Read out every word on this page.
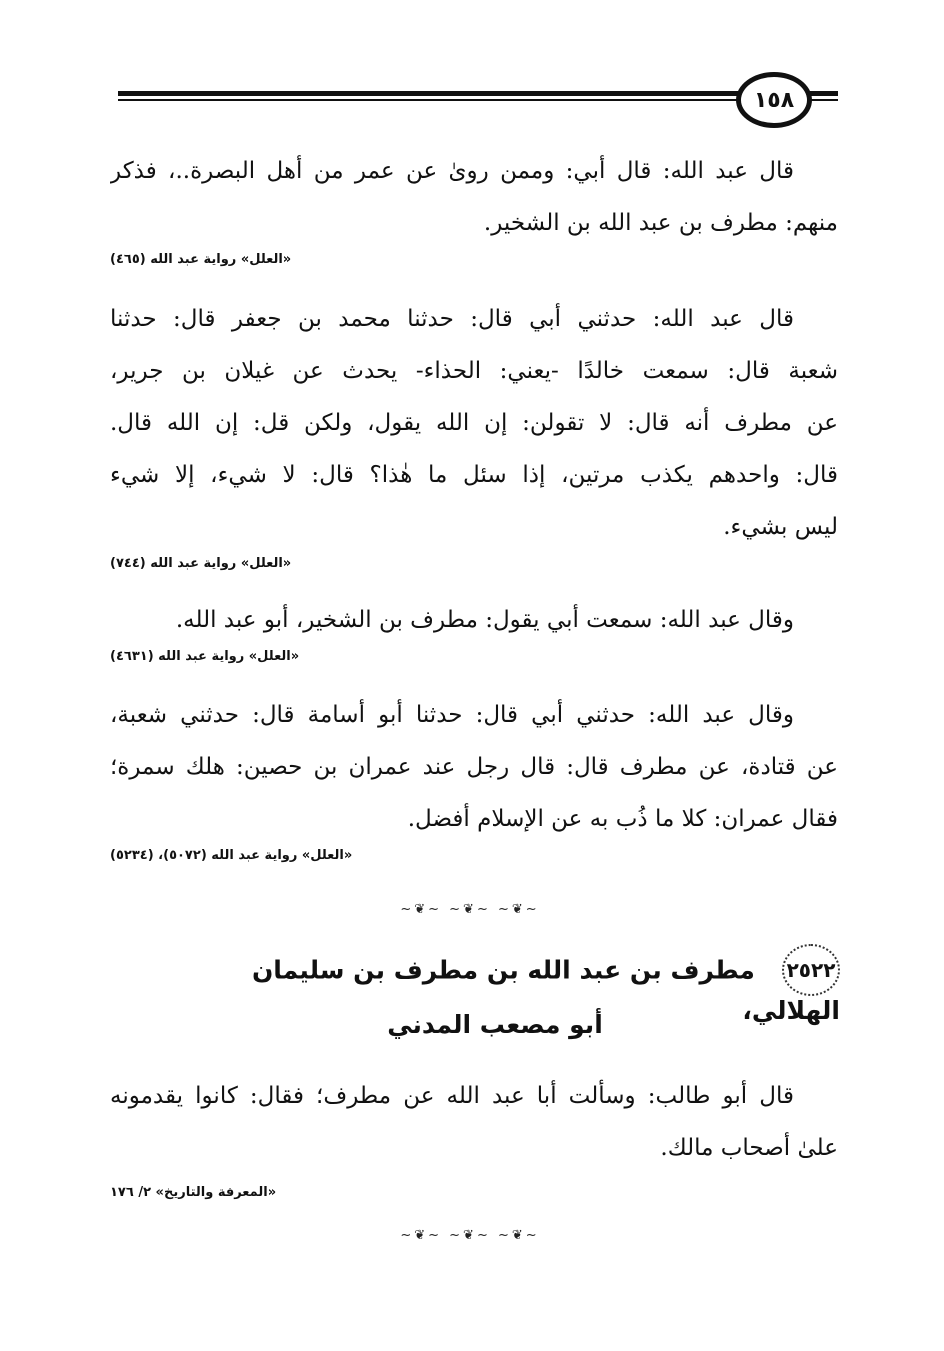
١٥٨
قال عبد الله: قال أبي: وممن روىٰ عن عمر من أهل البصرة..، فذكر
منهم: مطرف بن عبد الله بن الشخير.
«العلل» رواية عبد الله (٤٦٥)
قال عبد الله: حدثني أبي قال: حدثنا محمد بن جعفر قال: حدثنا
شعبة قال: سمعت خالدًا -يعني: الحذاء- يحدث عن غيلان بن جرير،
عن مطرف أنه قال: لا تقولن: إن الله يقول، ولكن قل: إن الله قال.
قال: واحدهم يكذب مرتين، إذا سئل ما هٰذا؟ قال: لا شيء، إلا شيء
ليس بشيء.
«العلل» رواية عبد الله (٧٤٤)
وقال عبد الله: سمعت أبي يقول: مطرف بن الشخير، أبو عبد الله.
«العلل» رواية عبد الله (٤٦٣١)
وقال عبد الله: حدثني أبي قال: حدثنا أبو أسامة قال: حدثني شعبة،
عن قتادة، عن مطرف قال: قال رجل عند عمران بن حصين: هلك سمرة؛
فقال عمران: كلا ما ذُب به عن الإسلام أفضل.
«العلل» رواية عبد الله (٥٠٧٢)، (٥٢٣٤)
~❦~ ~❦~ ~❦~
٢٥٢٢ مطرف بن عبد الله بن مطرف بن سليمان الهلالي،
أبو مصعب المدني
قال أبو طالب: وسألت أبا عبد الله عن مطرف؛ فقال: كانوا يقدمونه
علىٰ أصحاب مالك.
«المعرفة والتاريخ» ٢/ ١٧٦
~❦~ ~❦~ ~❦~
